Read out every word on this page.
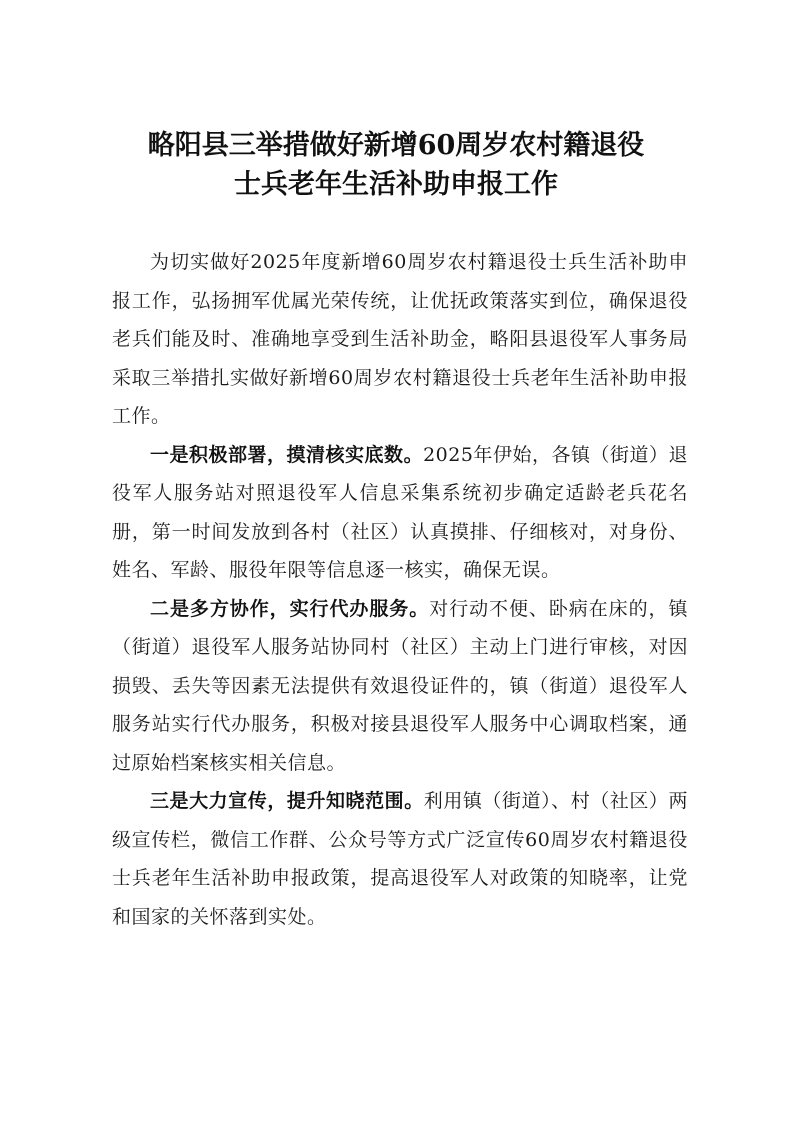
略阳县三举措做好新增60周岁农村籍退役
士兵老年生活补助申报工作

为切实做好2025年度新增60周岁农村籍退役士兵生活补助申报工作，弘扬拥军优属光荣传统，让优抚政策落实到位，确保退役老兵们能及时、准确地享受到生活补助金，略阳县退役军人事务局采取三举措扎实做好新增60周岁农村籍退役士兵老年生活补助申报工作。

一是积极部署，摸清核实底数。2025年伊始，各镇（街道）退役军人服务站对照退役军人信息采集系统初步确定适龄老兵花名册，第一时间发放到各村（社区）认真摸排、仔细核对，对身份、姓名、军龄、服役年限等信息逐一核实，确保无误。

二是多方协作，实行代办服务。对行动不便、卧病在床的，镇（街道）退役军人服务站协同村（社区）主动上门进行审核，对因损毁、丢失等因素无法提供有效退役证件的，镇（街道）退役军人服务站实行代办服务，积极对接县退役军人服务中心调取档案，通过原始档案核实相关信息。

三是大力宣传，提升知晓范围。利用镇（街道）、村（社区）两级宣传栏，微信工作群、公众号等方式广泛宣传60周岁农村籍退役士兵老年生活补助申报政策，提高退役军人对政策的知晓率，让党和国家的关怀落到实处。
